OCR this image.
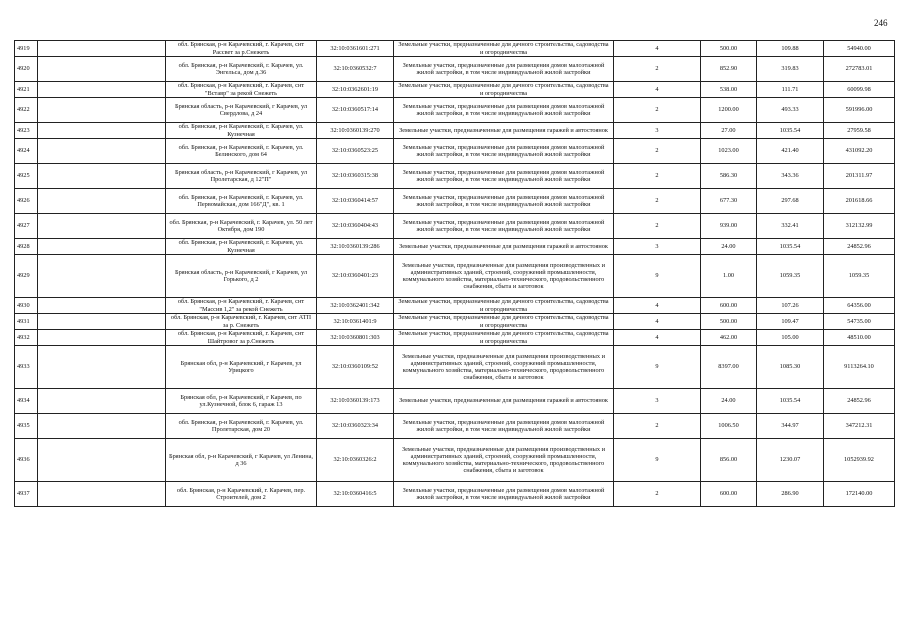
246
4919		обл. Брянская, р-н Карачевский, г. Карачев, снт Рассвет за р.Снежеть	32:10:0361601:271	Земельные участки, предназначенные для дачного строительства, садоводства и огородничества	4	500.00	109.88	54940.00
4920		обл. Брянская, р-н Карачевский, г. Карачев, ул. Энгельса, дом д.36	32:10:0360532:7	Земельные участки, предназначенные для размещения домов малоэтажной жилой застройки, в том числе индивидуальной жилой застройки	2	852.90	319.83	272783.01
4921		обл. Брянская, р-н Карачевский, г. Карачев, снт "Вставр" за рекой Снежеть	32:10:0362601:19	Земельные участки, предназначенные для дачного строительства, садоводства и огородничества	4	538.00	111.71	60099.98
4922		Брянская область, р-н Карачевский, г Карачев, ул Свердлова, д 24	32:10:0360517:14	Земельные участки, предназначенные для размещения домов малоэтажной жилой застройки, в том числе индивидуальной жилой застройки	2	1200.00	493.33	591996.00
4923		обл. Брянская, р-н Карачевский, г. Карачев, ул. Кузнечная	32:10:0360139:270	Земельные участки, предназначенные для размещения гаражей и автостоянок	3	27.00	1035.54	27959.58
4924		обл. Брянская, р-н Карачевский, г. Карачев, ул. Белинского, дом 64	32:10:0360523:25	Земельные участки, предназначенные для размещения домов малоэтажной жилой застройки, в том числе индивидуальной жилой застройки	2	1023.00	421.40	431092.20
4925		Брянская область, р-н Карачевский, г Карачев, ул Пролетарская, д 12"П"	32:10:0360315:38	Земельные участки, предназначенные для размещения домов малоэтажной жилой застройки, в том числе индивидуальной жилой застройки	2	586.30	343.36	201311.97
4926		обл. Брянская, р-н Карачевский, г. Карачев, ул. Первомайская, дом 166"Д", кв. 1	32:10:0360414:57	Земельные участки, предназначенные для размещения домов малоэтажной жилой застройки, в том числе индивидуальной жилой застройки	2	677.30	297.68	201618.66
4927		обл. Брянская, р-н Карачевский, г. Карачев, ул. 50 лет Октября, дом 190	32:10:0360404:43	Земельные участки, предназначенные для размещения домов малоэтажной жилой застройки, в том числе индивидуальной жилой застройки	2	939.00	332.41	312132.99
4928		обл. Брянская, р-н Карачевский, г. Карачев, ул. Кузнечная	32:10:0360139:286	Земельные участки, предназначенные для размещения гаражей и автостоянок	3	24.00	1035.54	24852.96
4929		Брянская область, р-н Карачевский, г Карачев, ул Горького, д 2	32:10:0360401:23	Земельные участки, предназначенные для размещения производственных и административных зданий, строений, сооружений промышленности, коммунального хозяйства, материально-технического, продовольственного снабжения, сбыта и заготовок	9	1.00	1059.35	1059.35
4930		обл. Брянская, р-н Карачевский, г. Карачев, снт "Массив 1,2" за рекой Снежеть	32:10:0362401:342	Земельные участки, предназначенные для дачного строительства, садоводства и огородничества	4	600.00	107.26	64356.00
4931		обл. Брянская, р-н Карачевский, г. Карачев, снт АТП за р. Снежеть	32:10:0361401:9	Земельные участки, предназначенные для дачного строительства, садоводства и огородничества	4	500.00	109.47	54735.00
4932		обл. Брянская, р-н Карачевский, г. Карачев, снт Шайтровог за р.Снежеть	32:10:0360801:303	Земельные участки, предназначенные для дачного строительства, садоводства и огородничества	4	462.00	105.00	48510.00
4933		Брянская обл, р-н Карачевский, г Карачев, ул Урицкого	32:10:0360109:52	Земельные участки, предназначенные для размещения производственных и административных зданий, строений, сооружений промышленности, коммунального хозяйства, материально-технического, продовольственного снабжения, сбыта и заготовок	9	8397.00	1085.30	9113264.10
4934		Брянская обл, р-н Карачевский, г Карачев, по ул.Кузнечной, блок 6, гараж 13	32:10:0360139:173	Земельные участки, предназначенные для размещения гаражей и автостоянок	3	24.00	1035.54	24852.96
4935		обл. Брянская, р-н Карачевский, г. Карачев, ул. Пролетарская, дом 20	32:10:0360323:34	Земельные участки, предназначенные для размещения домов малоэтажной жилой застройки, в том числе индивидуальной жилой застройки	2	1006.50	344.97	347212.31
4936		Брянская обл, р-н Карачевский, г Карачев, ул Ленина, д 36	32:10:0360326:2	Земельные участки, предназначенные для размещения производственных и административных зданий, строений, сооружений промышленности, коммунального хозяйства, материально-технического, продовольственного снабжения, сбыта и заготовок	9	856.00	1230.07	1052939.92
4937		обл. Брянская, р-н Карачевский, г. Карачев, пер. Строителей, дом 2	32:10:0360416:5	Земельные участки, предназначенные для размещения домов малоэтажной жилой застройки, в том числе индивидуальной жилой застройки	2	600.00	286.90	172140.00
